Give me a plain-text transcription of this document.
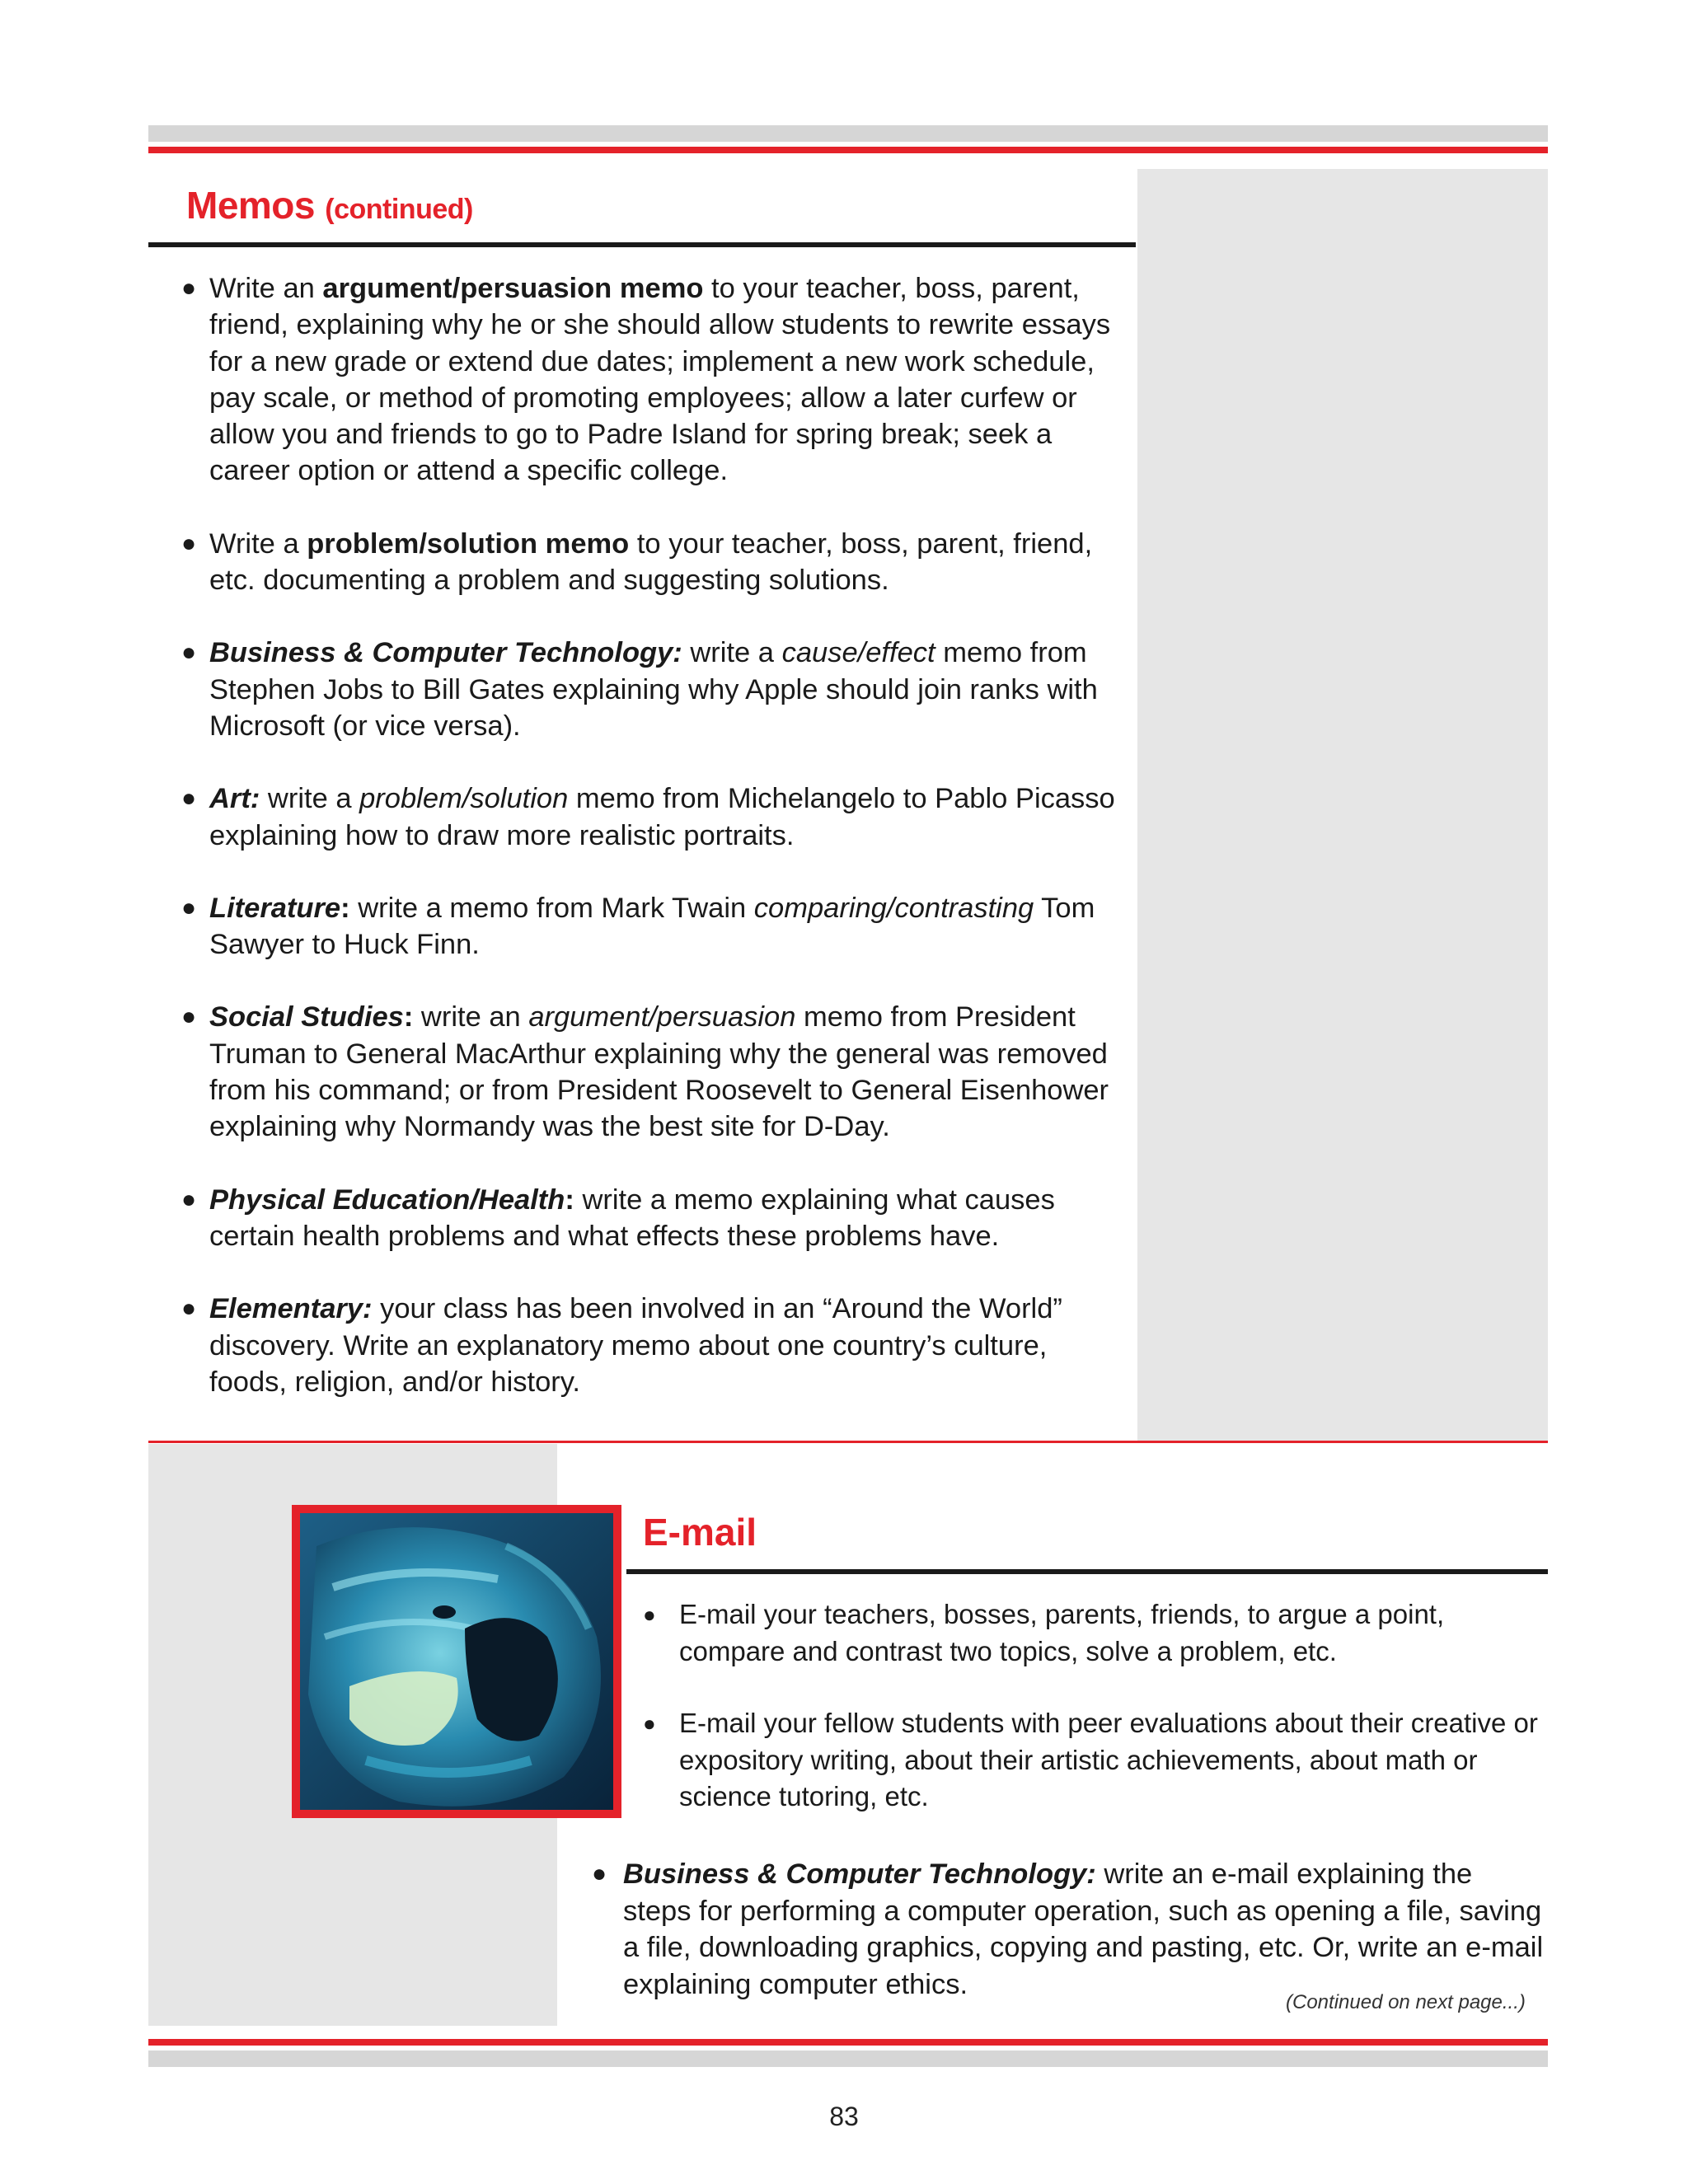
Memos (continued)
● Write an argument/persuasion memo to your teacher, boss, parent, friend, explaining why he or she should allow students to rewrite essays for a new grade or extend due dates; implement a new work schedule, pay scale, or method of promoting employees; allow a later curfew or allow you and friends to go to Padre Island for spring break; seek a career option or attend a specific college.
● Write a problem/solution memo to your teacher, boss, parent, friend, etc. documenting a problem and suggesting solutions.
● Business & Computer Technology: write a cause/effect memo from Stephen Jobs to Bill Gates explaining why Apple should join ranks with Microsoft (or vice versa).
● Art: write a problem/solution memo from Michelangelo to Pablo Picasso explaining how to draw more realistic portraits.
● Literature: write a memo from Mark Twain comparing/contrasting Tom Sawyer to Huck Finn.
● Social Studies: write an argument/persuasion memo from President Truman to General MacArthur explaining why the general was removed from his command; or from President Roosevelt to General Eisenhower explaining why Normandy was the best site for D-Day.
● Physical Education/Health: write a memo explaining what causes certain health problems and what effects these problems have.
● Elementary: your class has been involved in an “Around the World” discovery. Write an explanatory memo about one country’s culture, foods, religion, and/or history.
E-mail
● E-mail your teachers, bosses, parents, friends, to argue a point, compare and contrast two topics, solve a problem, etc.
● E-mail your fellow students with peer evaluations about their creative or expository writing, about their artistic achievements, about math or science tutoring, etc.
● Business & Computer Technology: write an e-mail explaining the steps for performing a computer operation, such as opening a file, saving a file, downloading graphics, copying and pasting, etc. Or, write an e-mail explaining computer ethics.
(Continued on next page...)
83
